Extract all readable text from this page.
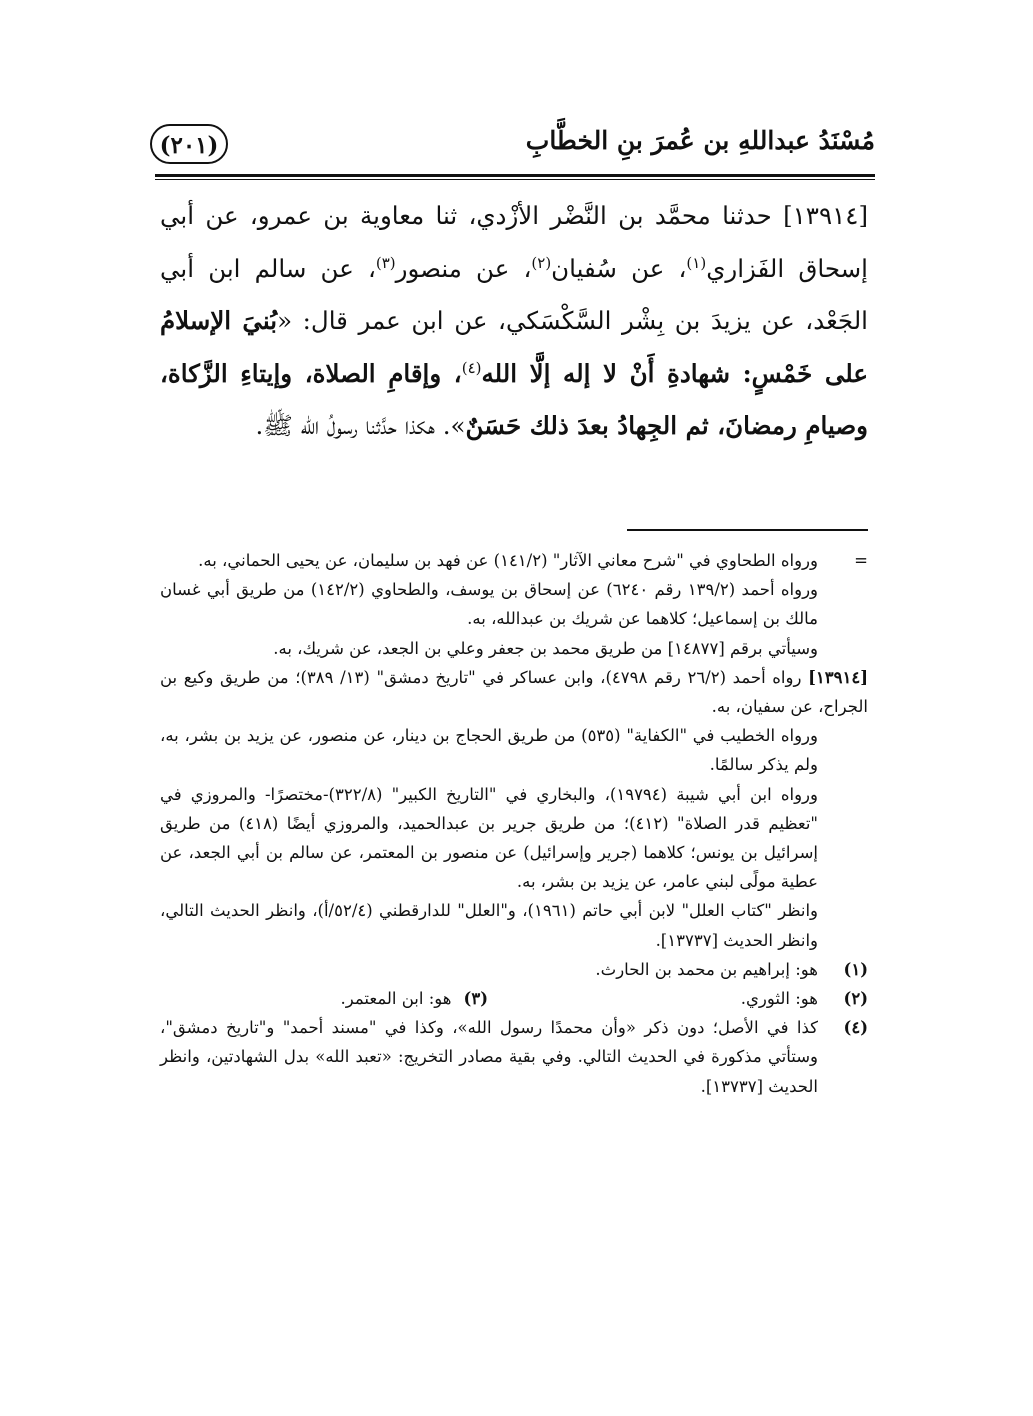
مُسْنَدُ عبداللهِ بن عُمرَ بنِ الخطَّابِ
(٢٠١)

[١٣٩١٤] حدثنا محمَّد بن النَّضْر الأزْدي، ثنا معاوية بن عمرو، عن أبي إسحاق الفَزاري$^{(١)}$، عن سُفيان$^{(٢)}$، عن منصور$^{(٣)}$، عن سالم ابن أبي الجَعْد، عن يزيدَ بن بِشْر السَّكْسَكي، عن ابن عمر قال: «بُنيَ الإسلامُ على خَمْسٍ: شهادةِ أَنْ لا إله إلَّا الله$^{(٤)}$، وإقامِ الصلاة، وإيتاءِ الزَّكاة، وصيامِ رمضانَ، ثم الجِهادُ بعدَ ذلك حَسَنٌ». هكذا حدَّثنا رسولُ الله ﷺ.

=
ورواه الطحاوي في "شرح معاني الآثار" (١٤١/٢) عن فهد بن سليمان، عن يحيى الحماني، به.
ورواه أحمد (١٣٩/٢ رقم ٦٢٤٠) عن إسحاق بن يوسف، والطحاوي (١٤٢/٢) من طريق أبي غسان مالك بن إسماعيل؛ كلاهما عن شريك بن عبدالله، به.
وسيأتي برقم [١٤٨٧٧] من طريق محمد بن جعفر وعلي بن الجعد، عن شريك، به.
[١٣٩١٤] رواه أحمد (٢٦/٢ رقم ٤٧٩٨)، وابن عساكر في "تاريخ دمشق" (١٣/ ٣٨٩)؛ من طريق وكيع بن الجراح، عن سفيان، به.
ورواه الخطيب في "الكفاية" (٥٣٥) من طريق الحجاج بن دينار، عن منصور، عن يزيد بن بشر، به، ولم يذكر سالمًا.
ورواه ابن أبي شيبة (١٩٧٩٤)، والبخاري في "التاريخ الكبير" (٣٢٢/٨)-مختصرًا- والمروزي في "تعظيم قدر الصلاة" (٤١٢)؛ من طريق جرير بن عبدالحميد، والمروزي أيضًا (٤١٨) من طريق إسرائيل بن يونس؛ كلاهما (جرير وإسرائيل) عن منصور بن المعتمر، عن سالم بن أبي الجعد، عن عطية مولًى لبني عامر، عن يزيد بن بشر، به.
وانظر "كتاب العلل" لابن أبي حاتم (١٩٦١)، و"العلل" للدارقطني (٥٢/٤/أ)، وانظر الحديث التالي، وانظر الحديث [١٣٧٣٧].
(١)
هو: إبراهيم بن محمد بن الحارث.
(٢)
هو: الثوري.
(٣)
هو: ابن المعتمر.
(٤)
كذا في الأصل؛ دون ذكر «وأن محمدًا رسول الله»، وكذا في "مسند أحمد" و"تاريخ دمشق"، وستأتي مذكورة في الحديث التالي. وفي بقية مصادر التخريج: «تعبد الله» بدل الشهادتين، وانظر الحديث [١٣٧٣٧].
